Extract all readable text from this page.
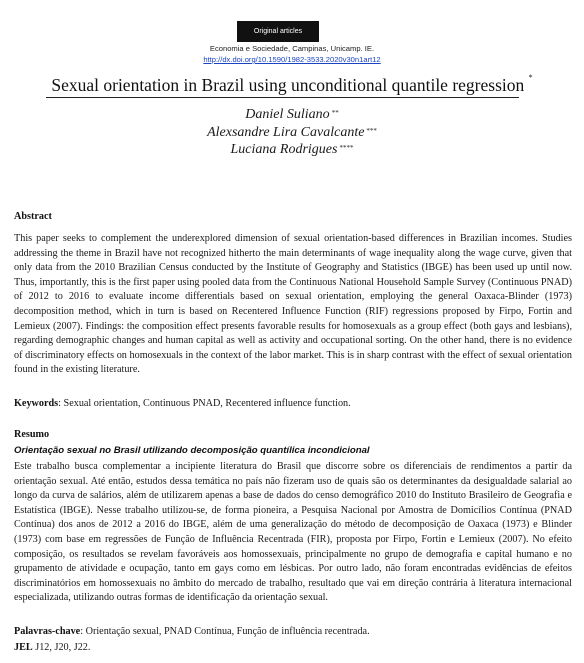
Original articles
Economia e Sociedade, Campinas, Unicamp. IE.
http://dx.doi.org/10.1590/1982-3533.2020v30n1art12
Sexual orientation in Brazil using unconditional quantile regression *
Daniel Suliano **
Alexsandre Lira Cavalcante ***
Luciana Rodrigues ****
Abstract
This paper seeks to complement the underexplored dimension of sexual orientation-based differences in Brazilian incomes. Studies addressing the theme in Brazil have not recognized hitherto the main determinants of wage inequality along the wage curve, given that only data from the 2010 Brazilian Census conducted by the Institute of Geography and Statistics (IBGE) has been used up until now. Thus, importantly, this is the first paper using pooled data from the Continuous National Household Sample Survey (Continuous PNAD) of 2012 to 2016 to evaluate income differentials based on sexual orientation, employing the general Oaxaca-Blinder (1973) decomposition method, which in turn is based on Recentered Influence Function (RIF) regressions proposed by Firpo, Fortin and Lemieux (2007). Findings: the composition effect presents favorable results for homosexuals as a group effect (both gays and lesbians), regarding demographic changes and human capital as well as activity and occupational sorting. On the other hand, there is no evidence of discriminatory effects on homosexuals in the context of the labor market. This is in sharp contrast with the effect of sexual orientation found in the existing literature.
Keywords: Sexual orientation, Continuous PNAD, Recentered influence function.
Resumo
Orientação sexual no Brasil utilizando decomposição quantílica incondicional
Este trabalho busca complementar a incipiente literatura do Brasil que discorre sobre os diferenciais de rendimentos a partir da orientação sexual. Até então, estudos dessa temática no país não fizeram uso de quais são os determinantes da desigualdade salarial ao longo da curva de salários, além de utilizarem apenas a base de dados do censo demográfico 2010 do Instituto Brasileiro de Geografia e Estatística (IBGE). Nesse trabalho utilizou-se, de forma pioneira, a Pesquisa Nacional por Amostra de Domicílios Contínua (PNAD Contínua) dos anos de 2012 a 2016 do IBGE, além de uma generalização do método de decomposição de Oaxaca (1973) e Blinder (1973) com base em regressões de Função de Influência Recentrada (FIR), proposta por Firpo, Fortin e Lemieux (2007). No efeito composição, os resultados se revelam favoráveis aos homossexuais, principalmente no grupo de demografia e capital humano e no grupamento de atividade e ocupação, tanto em gays como em lésbicas. Por outro lado, não foram encontradas evidências de efeitos discriminatórios em homossexuais no âmbito do mercado de trabalho, resultado que vai em direção contrária à literatura internacional especializada, utilizando outras formas de identificação da orientação sexual.
Palavras-chave: Orientação sexual, PNAD Contínua, Função de influência recentrada.
JEL J12, J20, J22.
